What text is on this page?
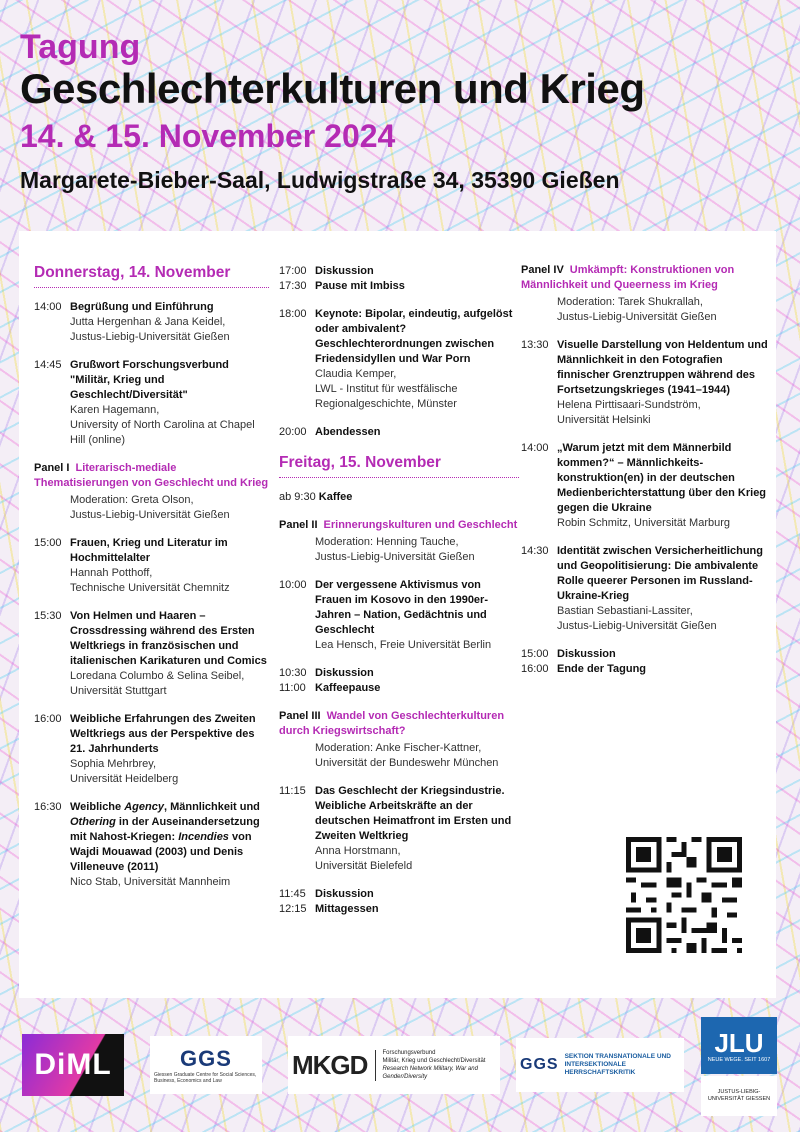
Tagung
Geschlechterkulturen und Krieg
14. & 15. November 2024
Margarete-Bieber-Saal, Ludwigstraße 34, 35390 Gießen
Donnerstag, 14. November
14:00 Begrüßung und Einführung
Jutta Hergenhan & Jana Keidel,
Justus-Liebig-Universität Gießen
14:45 Grußwort Forschungsverbund "Militär, Krieg und Geschlecht/Diversität"
Karen Hagemann,
University of North Carolina at Chapel Hill (online)
Panel I Literarisch-mediale Thematisierungen von Geschlecht und Krieg
Moderation: Greta Olson,
Justus-Liebig-Universität Gießen
15:00 Frauen, Krieg und Literatur im Hochmittelalter
Hannah Potthoff,
Technische Universität Chemnitz
15:30 Von Helmen und Haaren – Crossdressing während des Ersten Weltkriegs in französischen und italienischen Karikaturen und Comics
Loredana Columbo & Selina Seibel,
Universität Stuttgart
16:00 Weibliche Erfahrungen des Zweiten Weltkriegs aus der Perspektive des 21. Jahrhunderts
Sophia Mehrbrey,
Universität Heidelberg
16:30 Weibliche Agency, Männlichkeit und Othering in der Auseinandersetzung mit Nahost-Kriegen: Incendies von Wajdi Mouawad (2003) und Denis Villeneuve (2011)
Nico Stab, Universität Mannheim
17:00 Diskussion
17:30 Pause mit Imbiss
18:00 Keynote: Bipolar, eindeutig, aufgelöst oder ambivalent? Geschlechterordnungen zwischen Friedensidyllen und War Porn
Claudia Kemper,
LWL - Institut für westfälische Regionalgeschichte, Münster
20:00 Abendessen
Freitag, 15. November
ab 9:30 Kaffee
Panel II Erinnerungskulturen und Geschlecht
Moderation: Henning Tauche,
Justus-Liebig-Universität Gießen
10:00 Der vergessene Aktivismus von Frauen im Kosovo in den 1990er-Jahren – Nation, Gedächtnis und Geschlecht
Lea Hensch, Freie Universität Berlin
10:30 Diskussion
11:00 Kaffeepause
Panel III Wandel von Geschlechterkulturen durch Kriegswirtschaft?
Moderation: Anke Fischer-Kattner,
Universität der Bundeswehr München
11:15 Das Geschlecht der Kriegsindustrie. Weibliche Arbeitskräfte an der deutschen Heimatfront im Ersten und Zweiten Weltkrieg
Anna Horstmann,
Universität Bielefeld
11:45 Diskussion
12:15 Mittagessen
Panel IV Umkämpft: Konstruktionen von Männlichkeit und Queerness im Krieg
Moderation: Tarek Shukrallah,
Justus-Liebig-Universität Gießen
13:30 Visuelle Darstellung von Heldentum und Männlichkeit in den Fotografien finnischer Grenztruppen während des Fortsetzungskrieges (1941–1944)
Helena Pirttisaari-Sundström,
Universität Helsinki
14:00 „Warum jetzt mit dem Männerbild kommen?“ – Männlichkeitskonstruktion(en) in der deutschen Medienberichterstattung über den Krieg gegen die Ukraine
Robin Schmitz, Universität Marburg
14:30 Identität zwischen Versicherheitlichung und Geopolitisierung: Die ambivalente Rolle queerer Personen im Russland-Ukraine-Krieg
Bastian Sebastiani-Lassiter,
Justus-Liebig-Universität Gießen
15:00 Diskussion
16:00 Ende der Tagung
DiML	GGS
Giessen Graduate Centre for Social Sciences, Business, Economics and Law
MKGD	Forschungsverbund
Militär, Krieg und Geschlecht/Diversität
Research Network Military, War and Gender/Diversity
GGS SEKTION TRANSNATIONALE UND INTERSEKTIONALE HERRSCHAFTSKRITIK
JLU
NEUE WEGE. SEIT 1607
JUSTUS-LIEBIG-UNIVERSITÄT GIESSEN
